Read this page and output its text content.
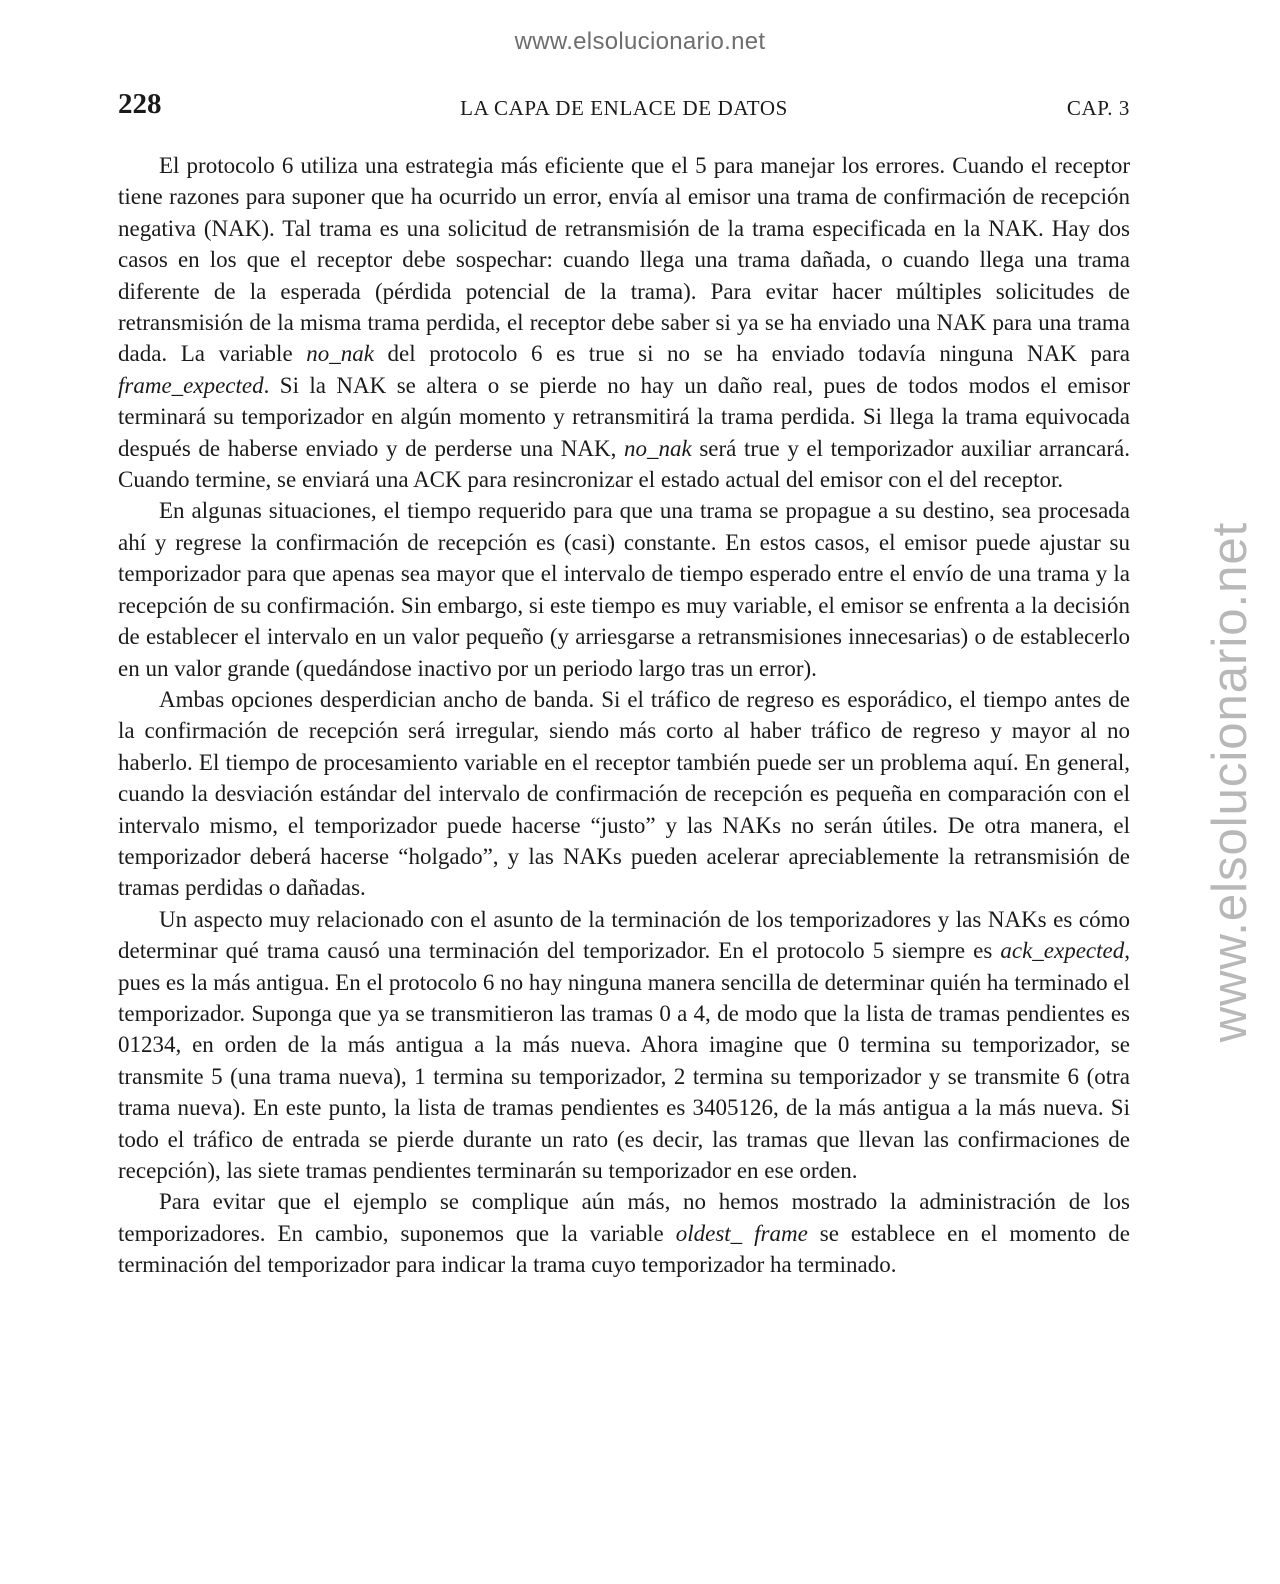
www.elsolucionario.net
www.elsolucionario.net
228	LA CAPA DE ENLACE DE DATOS	CAP. 3

El protocolo 6 utiliza una estrategia más eficiente que el 5 para manejar los errores. Cuando el receptor tiene razones para suponer que ha ocurrido un error, envía al emisor una trama de confirmación de recepción negativa (NAK). Tal trama es una solicitud de retransmisión de la trama especificada en la NAK. Hay dos casos en los que el receptor debe sospechar: cuando llega una trama dañada, o cuando llega una trama diferente de la esperada (pérdida potencial de la trama). Para evitar hacer múltiples solicitudes de retransmisión de la misma trama perdida, el receptor debe saber si ya se ha enviado una NAK para una trama dada. La variable no_nak del protocolo 6 es true si no se ha enviado todavía ninguna NAK para frame_expected. Si la NAK se altera o se pierde no hay un daño real, pues de todos modos el emisor terminará su temporizador en algún momento y retransmitirá la trama perdida. Si llega la trama equivocada después de haberse enviado y de perderse una NAK, no_nak será true y el temporizador auxiliar arrancará. Cuando termine, se enviará una ACK para resincronizar el estado actual del emisor con el del receptor.

En algunas situaciones, el tiempo requerido para que una trama se propague a su destino, sea procesada ahí y regrese la confirmación de recepción es (casi) constante. En estos casos, el emisor puede ajustar su temporizador para que apenas sea mayor que el intervalo de tiempo esperado entre el envío de una trama y la recepción de su confirmación. Sin embargo, si este tiempo es muy variable, el emisor se enfrenta a la decisión de establecer el intervalo en un valor pequeño (y arriesgarse a retransmisiones innecesarias) o de establecerlo en un valor grande (quedándose inactivo por un periodo largo tras un error).

Ambas opciones desperdician ancho de banda. Si el tráfico de regreso es esporádico, el tiempo antes de la confirmación de recepción será irregular, siendo más corto al haber tráfico de regreso y mayor al no haberlo. El tiempo de procesamiento variable en el receptor también puede ser un problema aquí. En general, cuando la desviación estándar del intervalo de confirmación de recepción es pequeña en comparación con el intervalo mismo, el temporizador puede hacerse “justo” y las NAKs no serán útiles. De otra manera, el temporizador deberá hacerse “holgado”, y las NAKs pueden acelerar apreciablemente la retransmisión de tramas perdidas o dañadas.

Un aspecto muy relacionado con el asunto de la terminación de los temporizadores y las NAKs es cómo determinar qué trama causó una terminación del temporizador. En el protocolo 5 siempre es ack_expected, pues es la más antigua. En el protocolo 6 no hay ninguna manera sencilla de determinar quién ha terminado el temporizador. Suponga que ya se transmitieron las tramas 0 a 4, de modo que la lista de tramas pendientes es 01234, en orden de la más antigua a la más nueva. Ahora imagine que 0 termina su temporizador, se transmite 5 (una trama nueva), 1 termina su temporizador, 2 termina su temporizador y se transmite 6 (otra trama nueva). En este punto, la lista de tramas pendientes es 3405126, de la más antigua a la más nueva. Si todo el tráfico de entrada se pierde durante un rato (es decir, las tramas que llevan las confirmaciones de recepción), las siete tramas pendientes terminarán su temporizador en ese orden.

Para evitar que el ejemplo se complique aún más, no hemos mostrado la administración de los temporizadores. En cambio, suponemos que la variable oldest_ frame se establece en el momento de terminación del temporizador para indicar la trama cuyo temporizador ha terminado.
